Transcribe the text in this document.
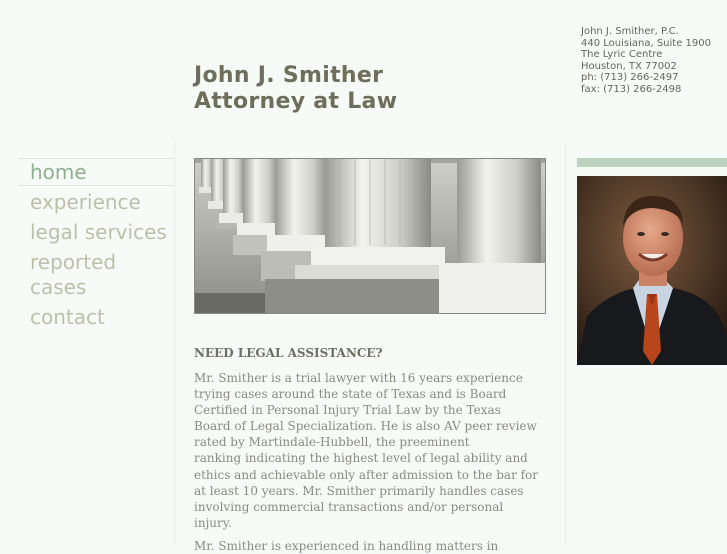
John J. Smither, P.C.
440 Louisiana, Suite 1900
The Lyric Centre
Houston, TX 77002
ph: (713) 266-2497
fax: (713) 266-2498
John J. Smither
Attorney at Law
home
experience
legal services
reported cases
contact
NEED LEGAL ASSISTANCE?
Mr. Smither is a trial lawyer with 16 years experience
trying cases around the state of Texas and is Board
Certified in Personal Injury Trial Law by the Texas
Board of Legal Specialization. He is also AV peer review
rated by Martindale-Hubbell, the preeminent
ranking indicating the highest level of legal ability and
ethics and achievable only after admission to the bar for
at least 10 years. Mr. Smither primarily handles cases
involving commercial transactions and/or personal
injury.
Mr. Smither is experienced in handling matters in
